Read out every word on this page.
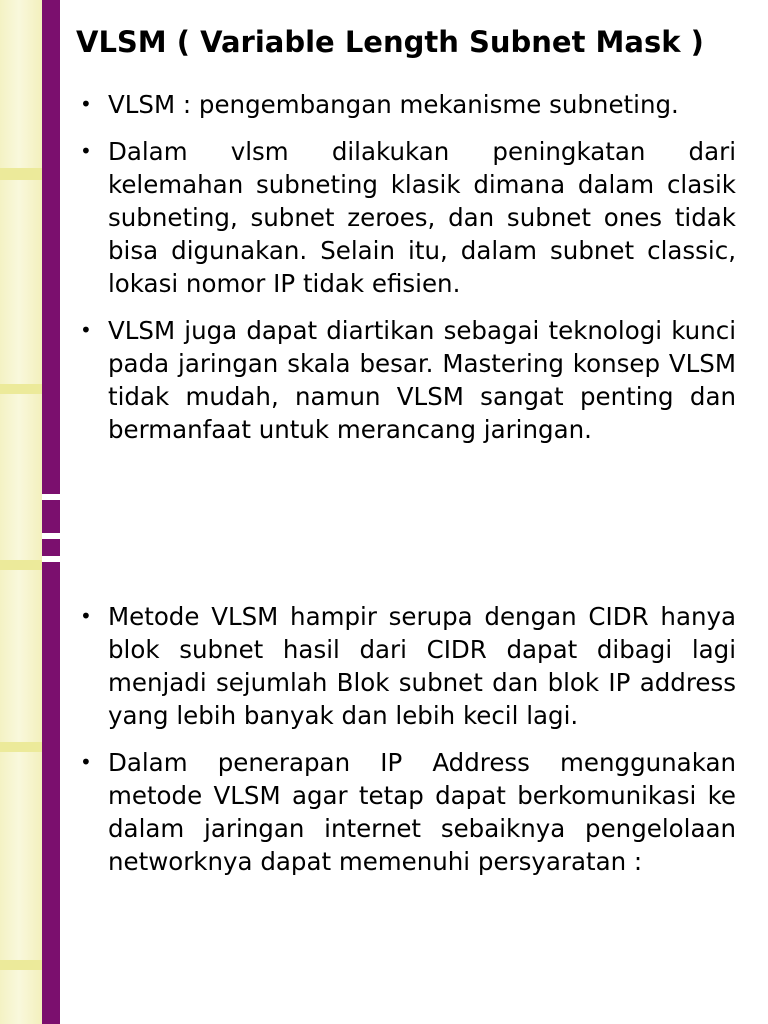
VLSM ( Variable Length Subnet Mask )
• VLSM : pengembangan mekanisme subneting.
• Dalam vlsm dilakukan peningkatan dari kelemahan subneting klasik dimana dalam clasik subneting, subnet zeroes, dan subnet ones tidak bisa digunakan. Selain itu, dalam subnet classic, lokasi nomor IP tidak efisien.
• VLSM juga dapat diartikan sebagai teknologi kunci pada jaringan skala besar. Mastering konsep VLSM tidak mudah, namun VLSM sangat penting dan bermanfaat untuk merancang jaringan.
• Metode VLSM hampir serupa dengan CIDR hanya blok subnet hasil dari CIDR dapat dibagi lagi menjadi sejumlah Blok subnet dan blok IP address yang lebih banyak dan lebih kecil lagi.
• Dalam penerapan IP Address menggunakan metode VLSM agar tetap dapat berkomunikasi ke dalam jaringan internet sebaiknya pengelolaan networknya dapat memenuhi persyaratan :
